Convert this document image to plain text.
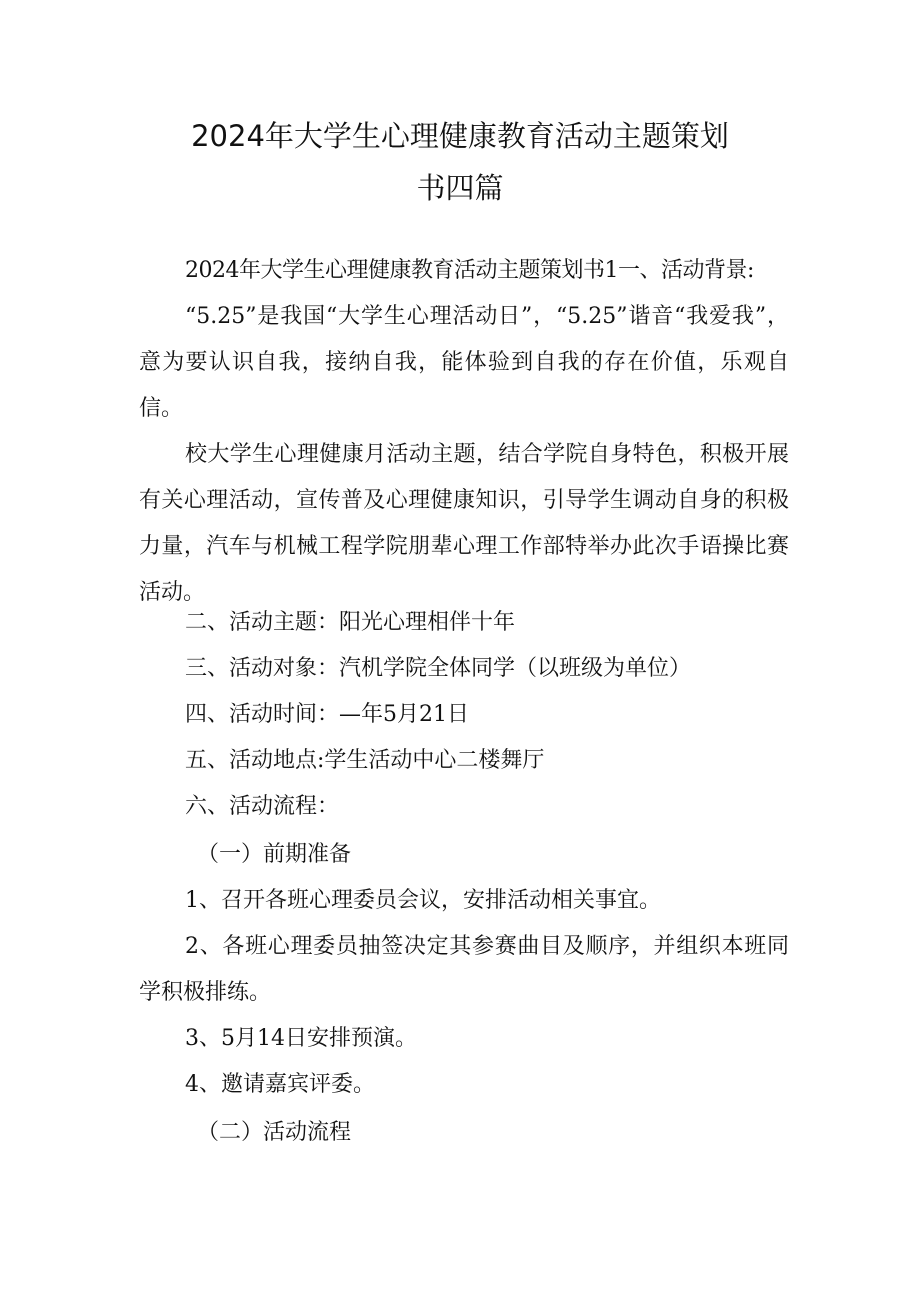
2024年大学生心理健康教育活动主题策划
书四篇

2024年大学生心理健康教育活动主题策划书1一、活动背景:

“5.25”是我国“大学生心理活动日”，“5.25”谐音“我爱我”，意为要认识自我，接纳自我，能体验到自我的存在价值，乐观自信。

校大学生心理健康月活动主题，结合学院自身特色，积极开展有关心理活动，宣传普及心理健康知识，引导学生调动自身的积极力量，汽车与机械工程学院朋辈心理工作部特举办此次手语操比赛活动。

二、活动主题：阳光心理相伴十年

三、活动对象：汽机学院全体同学（以班级为单位）

四、活动时间：—年5月21日

五、活动地点:学生活动中心二楼舞厅

六、活动流程：

（一）前期准备

1、召开各班心理委员会议，安排活动相关事宜。

2、各班心理委员抽签决定其参赛曲目及顺序，并组织本班同学积极排练。

3、5月14日安排预演。

4、邀请嘉宾评委。

（二）活动流程
